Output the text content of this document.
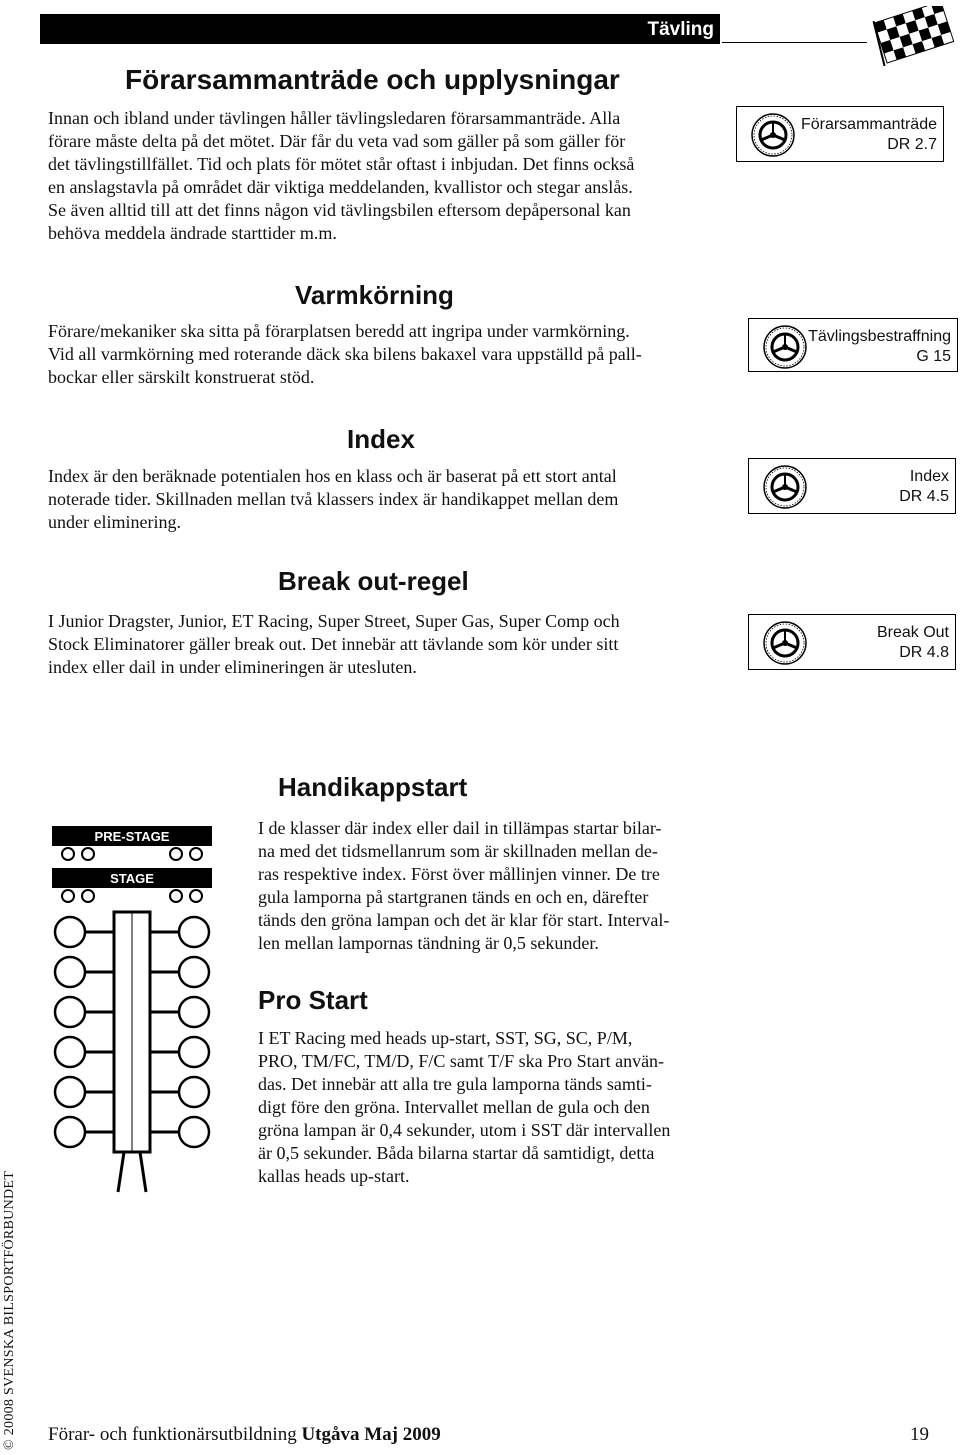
Tävling
Förarsammanträde och upplysningar
Innan och ibland under tävlingen håller tävlingsledaren förarsammanträde. Alla
förare måste delta på det mötet. Där får du veta vad som gäller på som gäller för
det tävlingstillfället. Tid och plats för mötet står oftast i inbjudan. Det finns också
en anslagstavla på området där viktiga meddelanden, kvallistor och stegar anslås.
Se även alltid till att det finns någon vid tävlingsbilen eftersom depåpersonal kan
behöva meddela ändrade starttider m.m.
Förarsammanträde
DR 2.7
Varmkörning
Förare/mekaniker ska sitta på förarplatsen beredd att ingripa under varmkörning.
Vid all varmkörning med roterande däck ska bilens bakaxel vara uppställd på pall-
bockar eller särskilt konstruerat stöd.
Tävlingsbestraffning
G 15
Index
Index är den beräknade potentialen hos en klass och är baserat på ett stort antal
noterade tider. Skillnaden mellan två klassers index är handikappet mellan dem
under eliminering.
Index
DR 4.5
Break out-regel
I Junior Dragster, Junior, ET Racing, Super Street, Super Gas, Super Comp och
Stock Eliminatorer gäller break out. Det innebär att tävlande som kör under sitt
index eller dail in under elimineringen är utesluten.
Break Out
DR 4.8
Handikappstart
I de klasser där index eller dail in tillämpas startar bilar-
na med det tidsmellanrum som är skillnaden mellan de-
ras respektive index. Först över mållinjen vinner. De tre
gula lamporna på startgranen tänds en och en, därefter
tänds den gröna lampan och det är klar för start. Interval-
len mellan lampornas tändning är 0,5 sekunder.
Pro Start
I ET Racing med heads up-start, SST, SG, SC, P/M,
PRO, TM/FC, TM/D, F/C samt T/F ska Pro Start använ-
das. Det innebär att alla tre gula lamporna tänds samti-
digt före den gröna. Intervallet mellan de gula och den
gröna lampan är 0,4 sekunder, utom i SST där intervallen
är 0,5 sekunder. Båda bilarna startar då samtidigt, detta
kallas heads up-start.
PRE-STAGE
STAGE
© 20008 SVENSKA BILSPORTFÖRBUNDET Förar- och funktionärsutbildning Utgåva Maj 2009	19
